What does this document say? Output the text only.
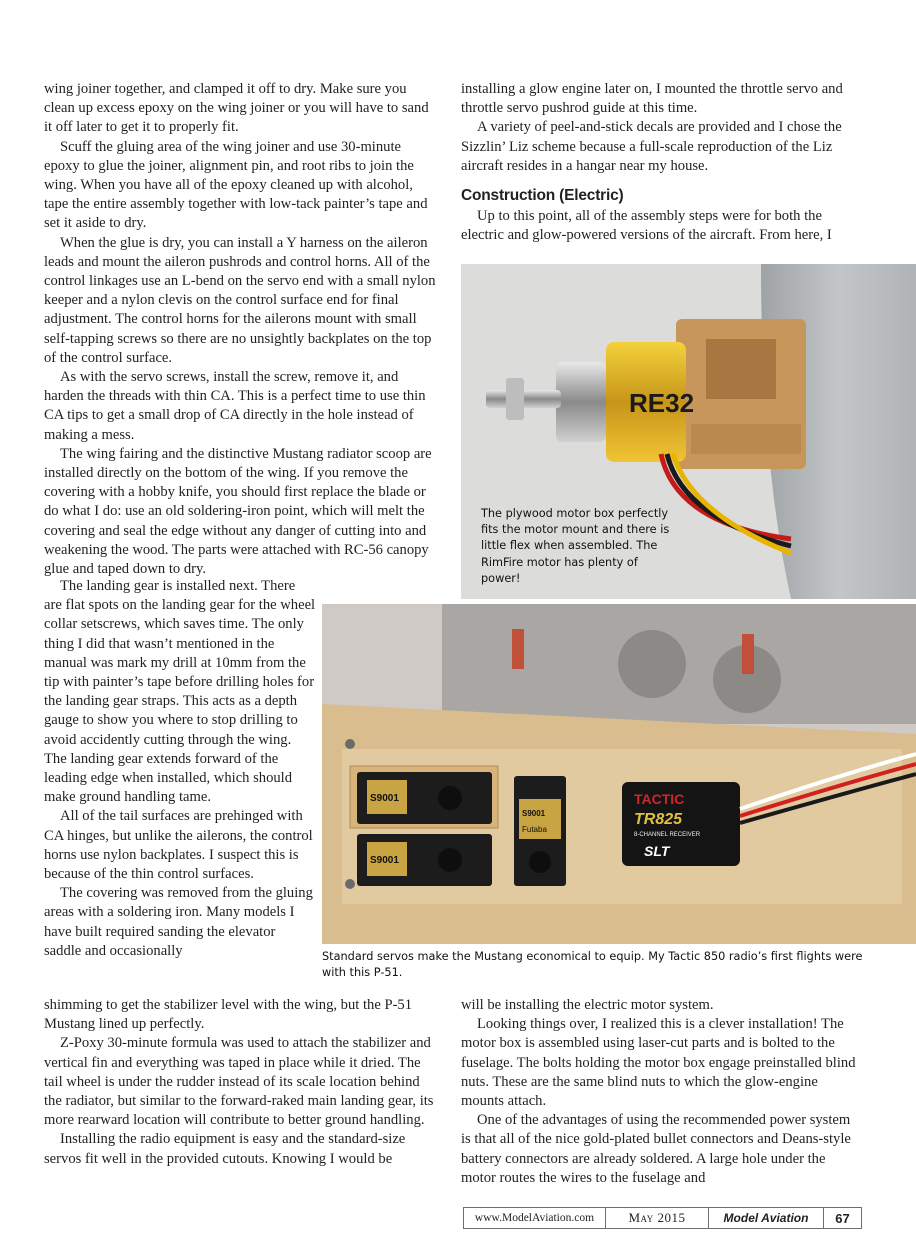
wing joiner together, and clamped it off to dry. Make sure you clean up excess epoxy on the wing joiner or you will have to sand it off later to get it to properly fit.

Scuff the gluing area of the wing joiner and use 30-minute epoxy to glue the joiner, alignment pin, and root ribs to join the wing. When you have all of the epoxy cleaned up with alcohol, tape the entire assembly together with low-tack painter’s tape and set it aside to dry.

When the glue is dry, you can install a Y harness on the aileron leads and mount the aileron pushrods and control horns. All of the control linkages use an L-bend on the servo end with a small nylon keeper and a nylon clevis on the control surface end for final adjustment. The control horns for the ailerons mount with small self-tapping screws so there are no unsightly backplates on the top of the control surface.

As with the servo screws, install the screw, remove it, and harden the threads with thin CA. This is a perfect time to use thin CA tips to get a small drop of CA directly in the hole instead of making a mess.

The wing fairing and the distinctive Mustang radiator scoop are installed directly on the bottom of the wing. If you remove the covering with a hobby knife, you should first replace the blade or do what I do: use an old soldering-iron point, which will melt the covering and seal the edge without any danger of cutting into and weakening the wood. The parts were attached with RC-56 canopy glue and taped down to dry.

The landing gear is installed next. There are flat spots on the landing gear for the wheel collar setscrews, which saves time. The only thing I did that wasn’t mentioned in the manual was mark my drill at 10mm from the tip with painter’s tape before drilling holes for the landing gear straps. This acts as a depth gauge to show you where to stop drilling to avoid accidently cutting through the wing. The landing gear extends forward of the leading edge when installed, which should make ground handling tame.

All of the tail surfaces are prehinged with CA hinges, but unlike the ailerons, the control horns use nylon backplates. I suspect this is because of the thin control surfaces.

The covering was removed from the gluing areas with a soldering iron. Many models I have built required sanding the elevator saddle and occasionally

shimming to get the stabilizer level with the wing, but the P-51 Mustang lined up perfectly.

Z-Poxy 30-minute formula was used to attach the stabilizer and vertical fin and everything was taped in place while it dried. The tail wheel is under the rudder instead of its scale location behind the radiator, but similar to the forward-raked main landing gear, its more rearward location will contribute to better ground handling.

Installing the radio equipment is easy and the standard-size servos fit well in the provided cutouts. Knowing I would be

installing a glow engine later on, I mounted the throttle servo and throttle servo pushrod guide at this time.

A variety of peel-and-stick decals are provided and I chose the Sizzlin’ Liz scheme because a full-scale reproduction of the Liz aircraft resides in a hangar near my house.

Construction (Electric)

Up to this point, all of the assembly steps were for both the electric and glow-powered versions of the aircraft. From here, I

will be installing the electric motor system.

Looking things over, I realized this is a clever installation! The motor box is assembled using laser-cut parts and is bolted to the fuselage. The bolts holding the motor box engage preinstalled blind nuts. These are the same blind nuts to which the glow-engine mounts attach.

One of the advantages of using the recommended power system is that all of the nice gold-plated bullet connectors and Deans-style battery connectors are already soldered. A large hole under the motor routes the wires to the fuselage and

RE32
The plywood motor box perfectly fits the motor mount and there is little flex when assembled. The RimFire motor has plenty of power!
S9001
S9001
S9001
Futaba
TACTIC
TR825
8-CHANNEL RECEIVER
SLT
Standard servos make the Mustang economical to equip. My Tactic 850 radio’s first flights were with this P-51.
www.ModelAviation.com	May 2015	Model Aviation	67
